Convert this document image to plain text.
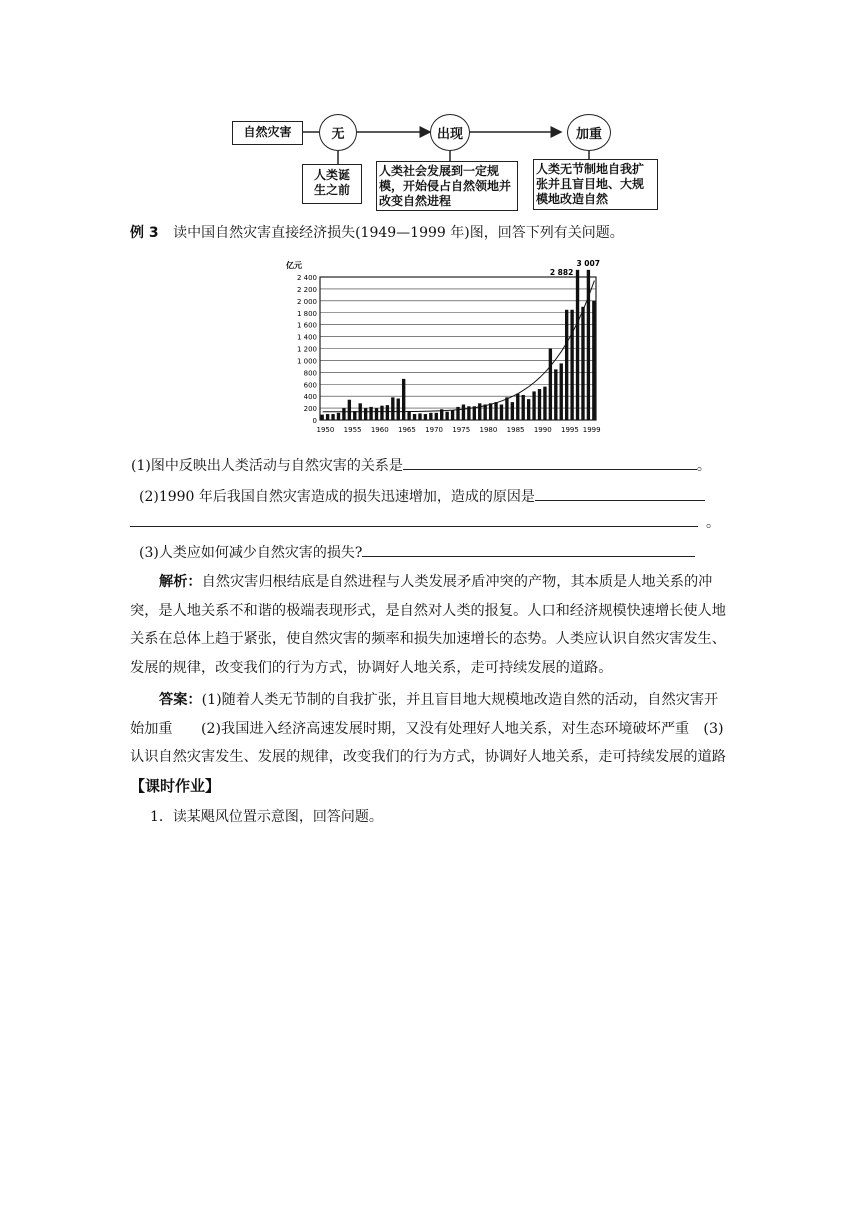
自然灾害	无	出现	加重
人类诞生之前
人类社会发展到一定规模，开始侵占自然领地并改变自然进程
人类无节制地自我扩张并且盲目地、大规模地改造自然
例 3 读中国自然灾害直接经济损失(1949—1999 年)图，回答下列有关问题。
亿元
0
200
400
600
800
1 000
1 200
1 400
1 600
1 800
2 000
2 200
2 400
1950 1955 1960 1965 1970 1975 1980 1985 1990 1995 1999
2 882
3 007
(1)图中反映出人类活动与自然灾害的关系是	。
(2)1990 年后我国自然灾害造成的损失迅速增加，造成的原因是
。
(3)人类应如何减少自然灾害的损失?
解析：自然灾害归根结底是自然进程与人类发展矛盾冲突的产物，其本质是人地关系的冲突，是人地关系不和谐的极端表现形式，是自然对人类的报复。人口和经济规模快速增长使人地关系在总体上趋于紧张，使自然灾害的频率和损失加速增长的态势。人类应认识自然灾害发生、发展的规律，改变我们的行为方式，协调好人地关系，走可持续发展的道路。
答案：(1)随着人类无节制的自我扩张，并且盲目地大规模地改造自然的活动，自然灾害开始加重　　(2)我国进入经济高速发展时期，又没有处理好人地关系，对生态环境破坏严重　(3)认识自然灾害发生、发展的规律，改变我们的行为方式，协调好人地关系，走可持续发展的道路
【课时作业】
1．读某飓风位置示意图，回答问题。
